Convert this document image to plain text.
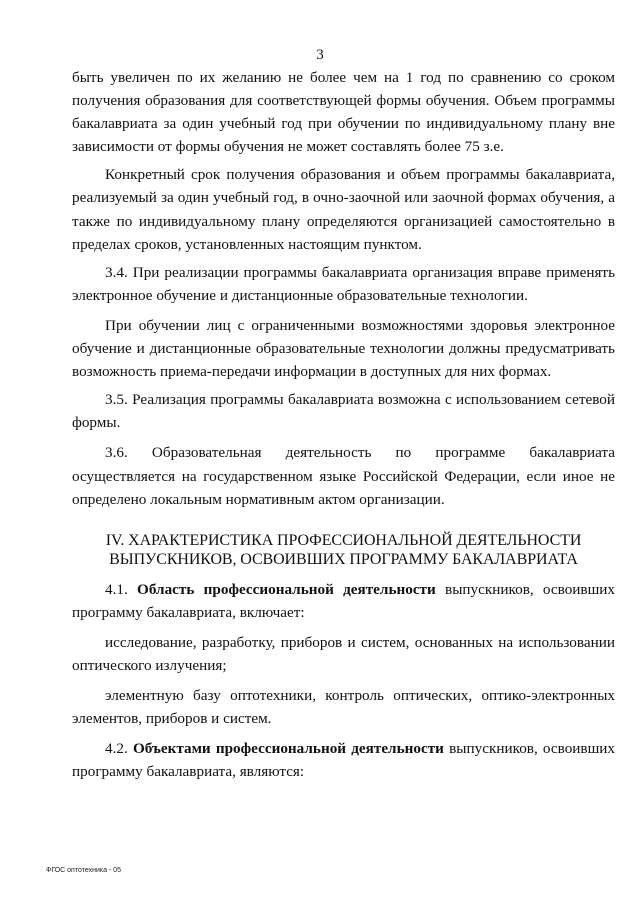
3

быть увеличен по их желанию не более чем на 1 год по сравнению со сроком получения образования для соответствующей формы обучения. Объем программы бакалавриата за один учебный год при обучении по индивидуальному плану вне зависимости от формы обучения не может составлять более 75 з.е.

Конкретный срок получения образования и объем программы бакалавриата, реализуемый за один учебный год, в очно-заочной или заочной формах обучения, а также по индивидуальному плану определяются организацией самостоятельно в пределах сроков, установленных настоящим пунктом.

3.4. При реализации программы бакалавриата организация вправе применять электронное обучение и дистанционные образовательные технологии.

При обучении лиц с ограниченными возможностями здоровья электронное обучение и дистанционные образовательные технологии должны предусматривать возможность приема-передачи информации в доступных для них формах.

3.5. Реализация программы бакалавриата возможна с использованием сетевой формы.

3.6. Образовательная деятельность по программе бакалавриата осуществляется на государственном языке Российской Федерации, если иное не определено локальным нормативным актом организации.

IV. ХАРАКТЕРИСТИКА ПРОФЕССИОНАЛЬНОЙ ДЕЯТЕЛЬНОСТИ
ВЫПУСКНИКОВ, ОСВОИВШИХ ПРОГРАММУ БАКАЛАВРИАТА

4.1. Область профессиональной деятельности выпускников, освоивших программу бакалавриата, включает:

исследование, разработку, приборов и систем, основанных на использовании оптического излучения;

элементную базу оптотехники, контроль оптических, оптико-электронных элементов, приборов и систем.

4.2. Объектами профессиональной деятельности выпускников, освоивших программу бакалавриата, являются:

ФГОС оптотехника - 05
